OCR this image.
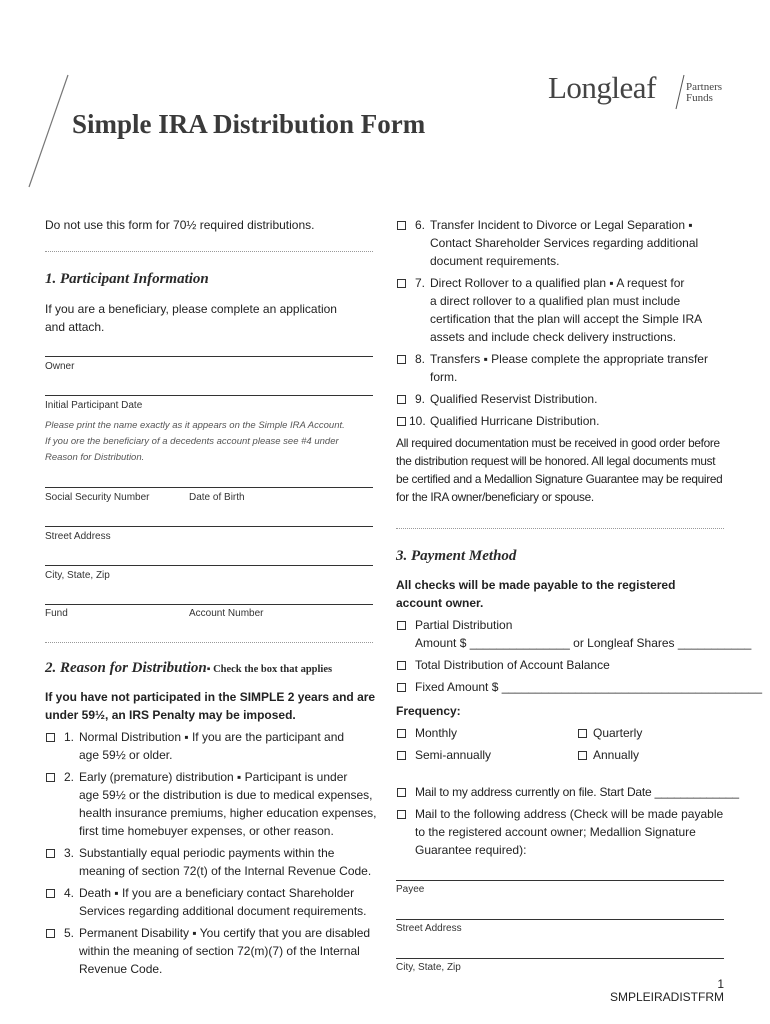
Longleaf	Partners
Funds
Simple IRA Distribution Form
Do not use this form for 70½ required distributions.
1. Participant Information
If you are a beneficiary, please complete an application
and attach.
Owner
Initial Participant Date
Please print the name exactly as it appears on the Simple IRA Account.
If you ore the beneficiary of a decedents account please see #4 under
Reason for Distribution.
Social Security Number	Date of Birth
Street Address
City, State, Zip
Fund	Account Number
2. Reason for Distribution▪ Check the box that applies
If you have not participated in the SIMPLE 2 years and are
under 59½, an IRS Penalty may be imposed.
1. Normal Distribution ▪ If you are the participant and
age 59½ or older.
2. Early (premature) distribution ▪ Participant is under
age 59½ or the distribution is due to medical expenses,
health insurance premiums, higher education expenses,
first time homebuyer expenses, or other reason.
3. Substantially equal periodic payments within the
meaning of section 72(t) of the Internal Revenue Code.
4. Death ▪ If you are a beneficiary contact Shareholder
Services regarding additional document requirements.
5. Permanent Disability ▪ You certify that you are disabled
within the meaning of section 72(m)(7) of the Internal
Revenue Code.
6. Transfer Incident to Divorce or Legal Separation ▪
Contact Shareholder Services regarding additional
document requirements.
7. Direct Rollover to a qualified plan ▪ A request for
a direct rollover to a qualified plan must include
certification that the plan will accept the Simple IRA
assets and include check delivery instructions.
8. Transfers ▪ Please complete the appropriate transfer
form.
9. Qualified Reservist Distribution.
10. Qualified Hurricane Distribution.
All required documentation must be received in good order before
the distribution request will be honored. All legal documents must
be certified and a Medallion Signature Guarantee may be required
for the IRA owner/beneficiary or spouse.
3. Payment Method
All checks will be made payable to the registered
account owner.
Partial Distribution
Amount $ _______________ or Longleaf Shares ___________
Total Distribution of Account Balance
Fixed Amount $ _______________________________________
Frequency:
Monthly	Quarterly
Semi-annually	Annually
Mail to my address currently on file. Start Date _____________
Mail to the following address (Check will be made payable
to the registered account owner; Medallion Signature
Guarantee required):
Payee
Street Address
City, State, Zip
1
SMPLEIRADISTFRM
